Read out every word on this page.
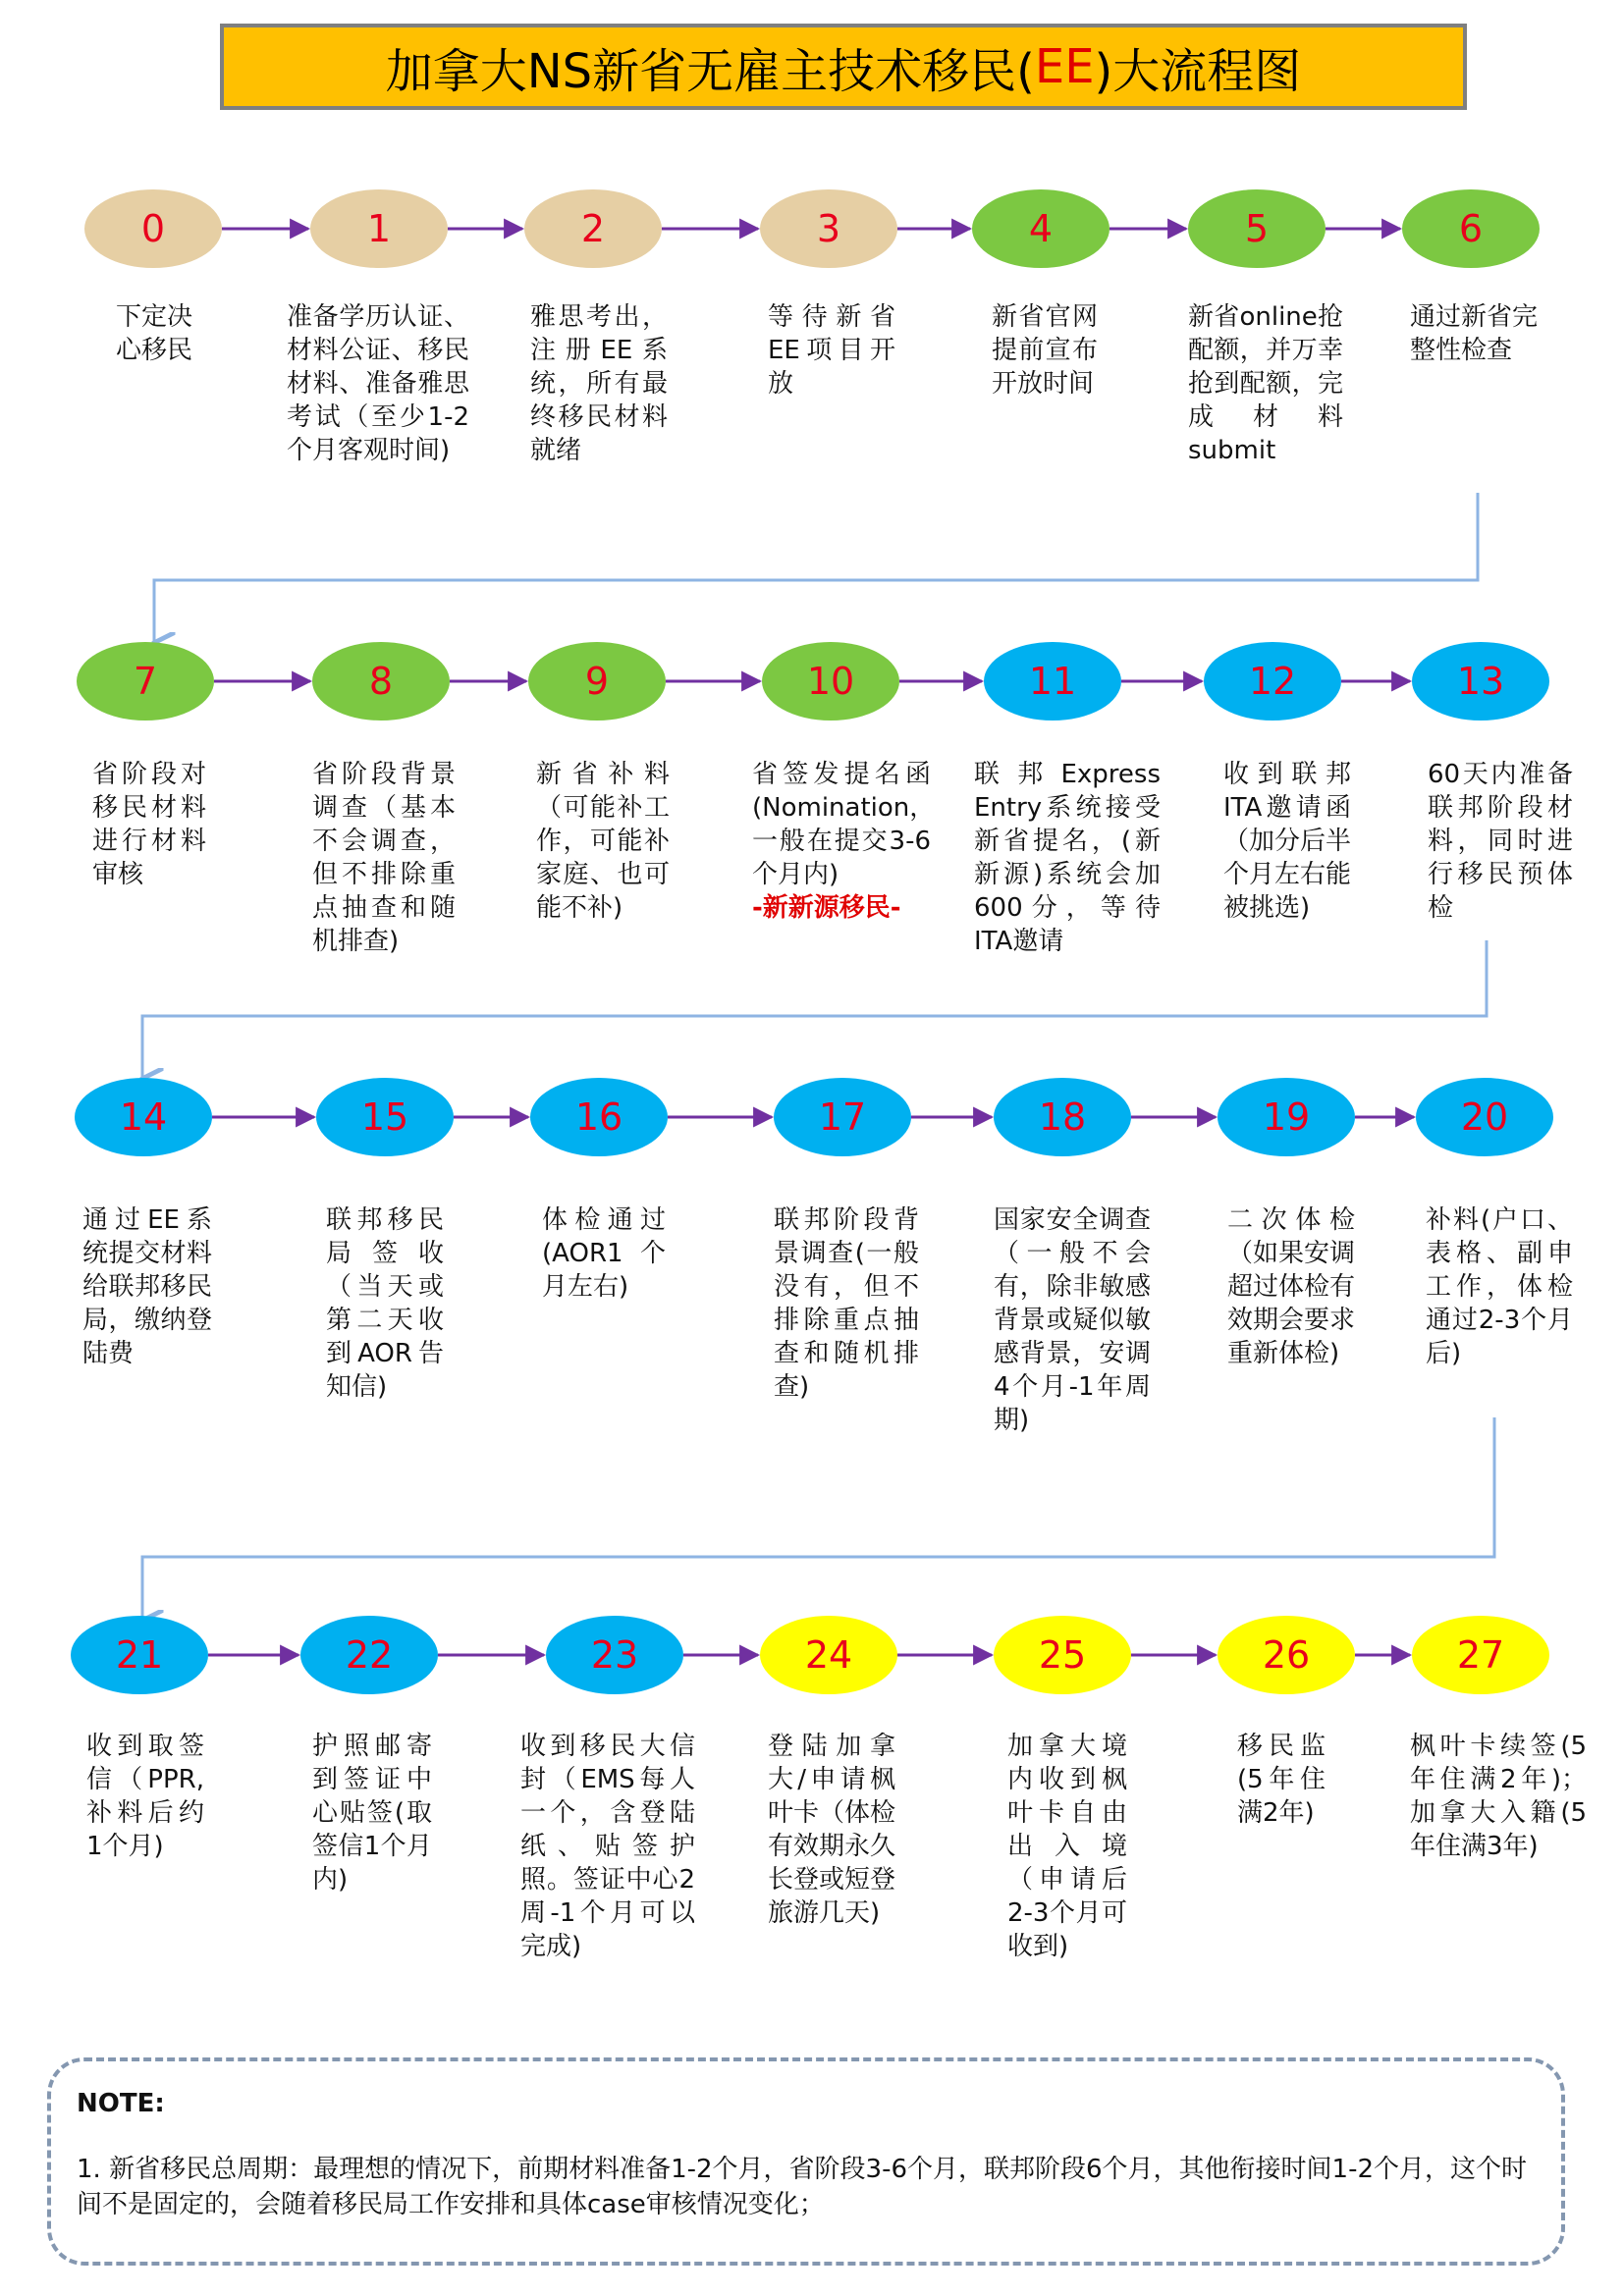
加拿大NS新省无雇主技术移民( EE )大流程图
0
下定决
心移民
1
准备学历认证、材料公证、移民材料、准备雅思考试（至少1-2个月客观时间)
2
雅思考出，注册EE系统，所有最终移民材料就绪
3
等待新省EE项目开放
4
新省官网提前宣布开放时间
5
新省online抢配额，并万幸抢到配额，完成材料submit
6
通过新省完整性检查
7
省阶段对移民材料进行材料审核
8
省阶段背景调查（基本不会调查，但不排除重点抽查和随机排查)
9
新省补料（可能补工作，可能补家庭、也可能不补)
10
省签发提名函(Nomination，一般在提交3-6个月内)
-新新源移民-
11
联邦Express Entry系统接受新省提名，(新新源)系统会加600分，等待ITA邀请
12
收到联邦ITA邀请函（加分后半个月左右能被挑选)
13
60天内准备联邦阶段材料，同时进行移民预体检
14
通过EE系统提交材料给联邦移民局，缴纳登陆费
15
联邦移民局签收（当天或第二天收到AOR告知信)
16
体检通过(AOR1个月左右)
17
联邦阶段背景调查(一般没有，但不排除重点抽查和随机排查)
18
国家安全调查（一般不会有，除非敏感背景或疑似敏感背景，安调4个月-1年周期)
19
二次体检（如果安调超过体检有效期会要求重新体检)
20
补料(户口、表格、副申工作，体检通过2-3个月后)
21
收到取签信（PPR,补料后约1个月)
22
护照邮寄到签证中心贴签(取签信1个月内)
23
收到移民大信封（EMS每人一个，含登陆纸、贴签护照。签证中心2周-1个月可以完成)
24
登陆加拿大/申请枫叶卡（体检有效期永久长登或短登旅游几天)
25
加拿大境内收到枫叶卡自由出入境（申请后2-3个月可收到)
26
移民监(5年住满2年)
27
枫叶卡续签(5年住满2年)；加拿大入籍(5年住满3年)
NOTE:
1. 新省移民总周期：最理想的情况下，前期材料准备1-2个月，省阶段3-6个月，联邦阶段6个月，其他衔接时间1-2个月，这个时间不是固定的，会随着移民局工作安排和具体case审核情况变化；
